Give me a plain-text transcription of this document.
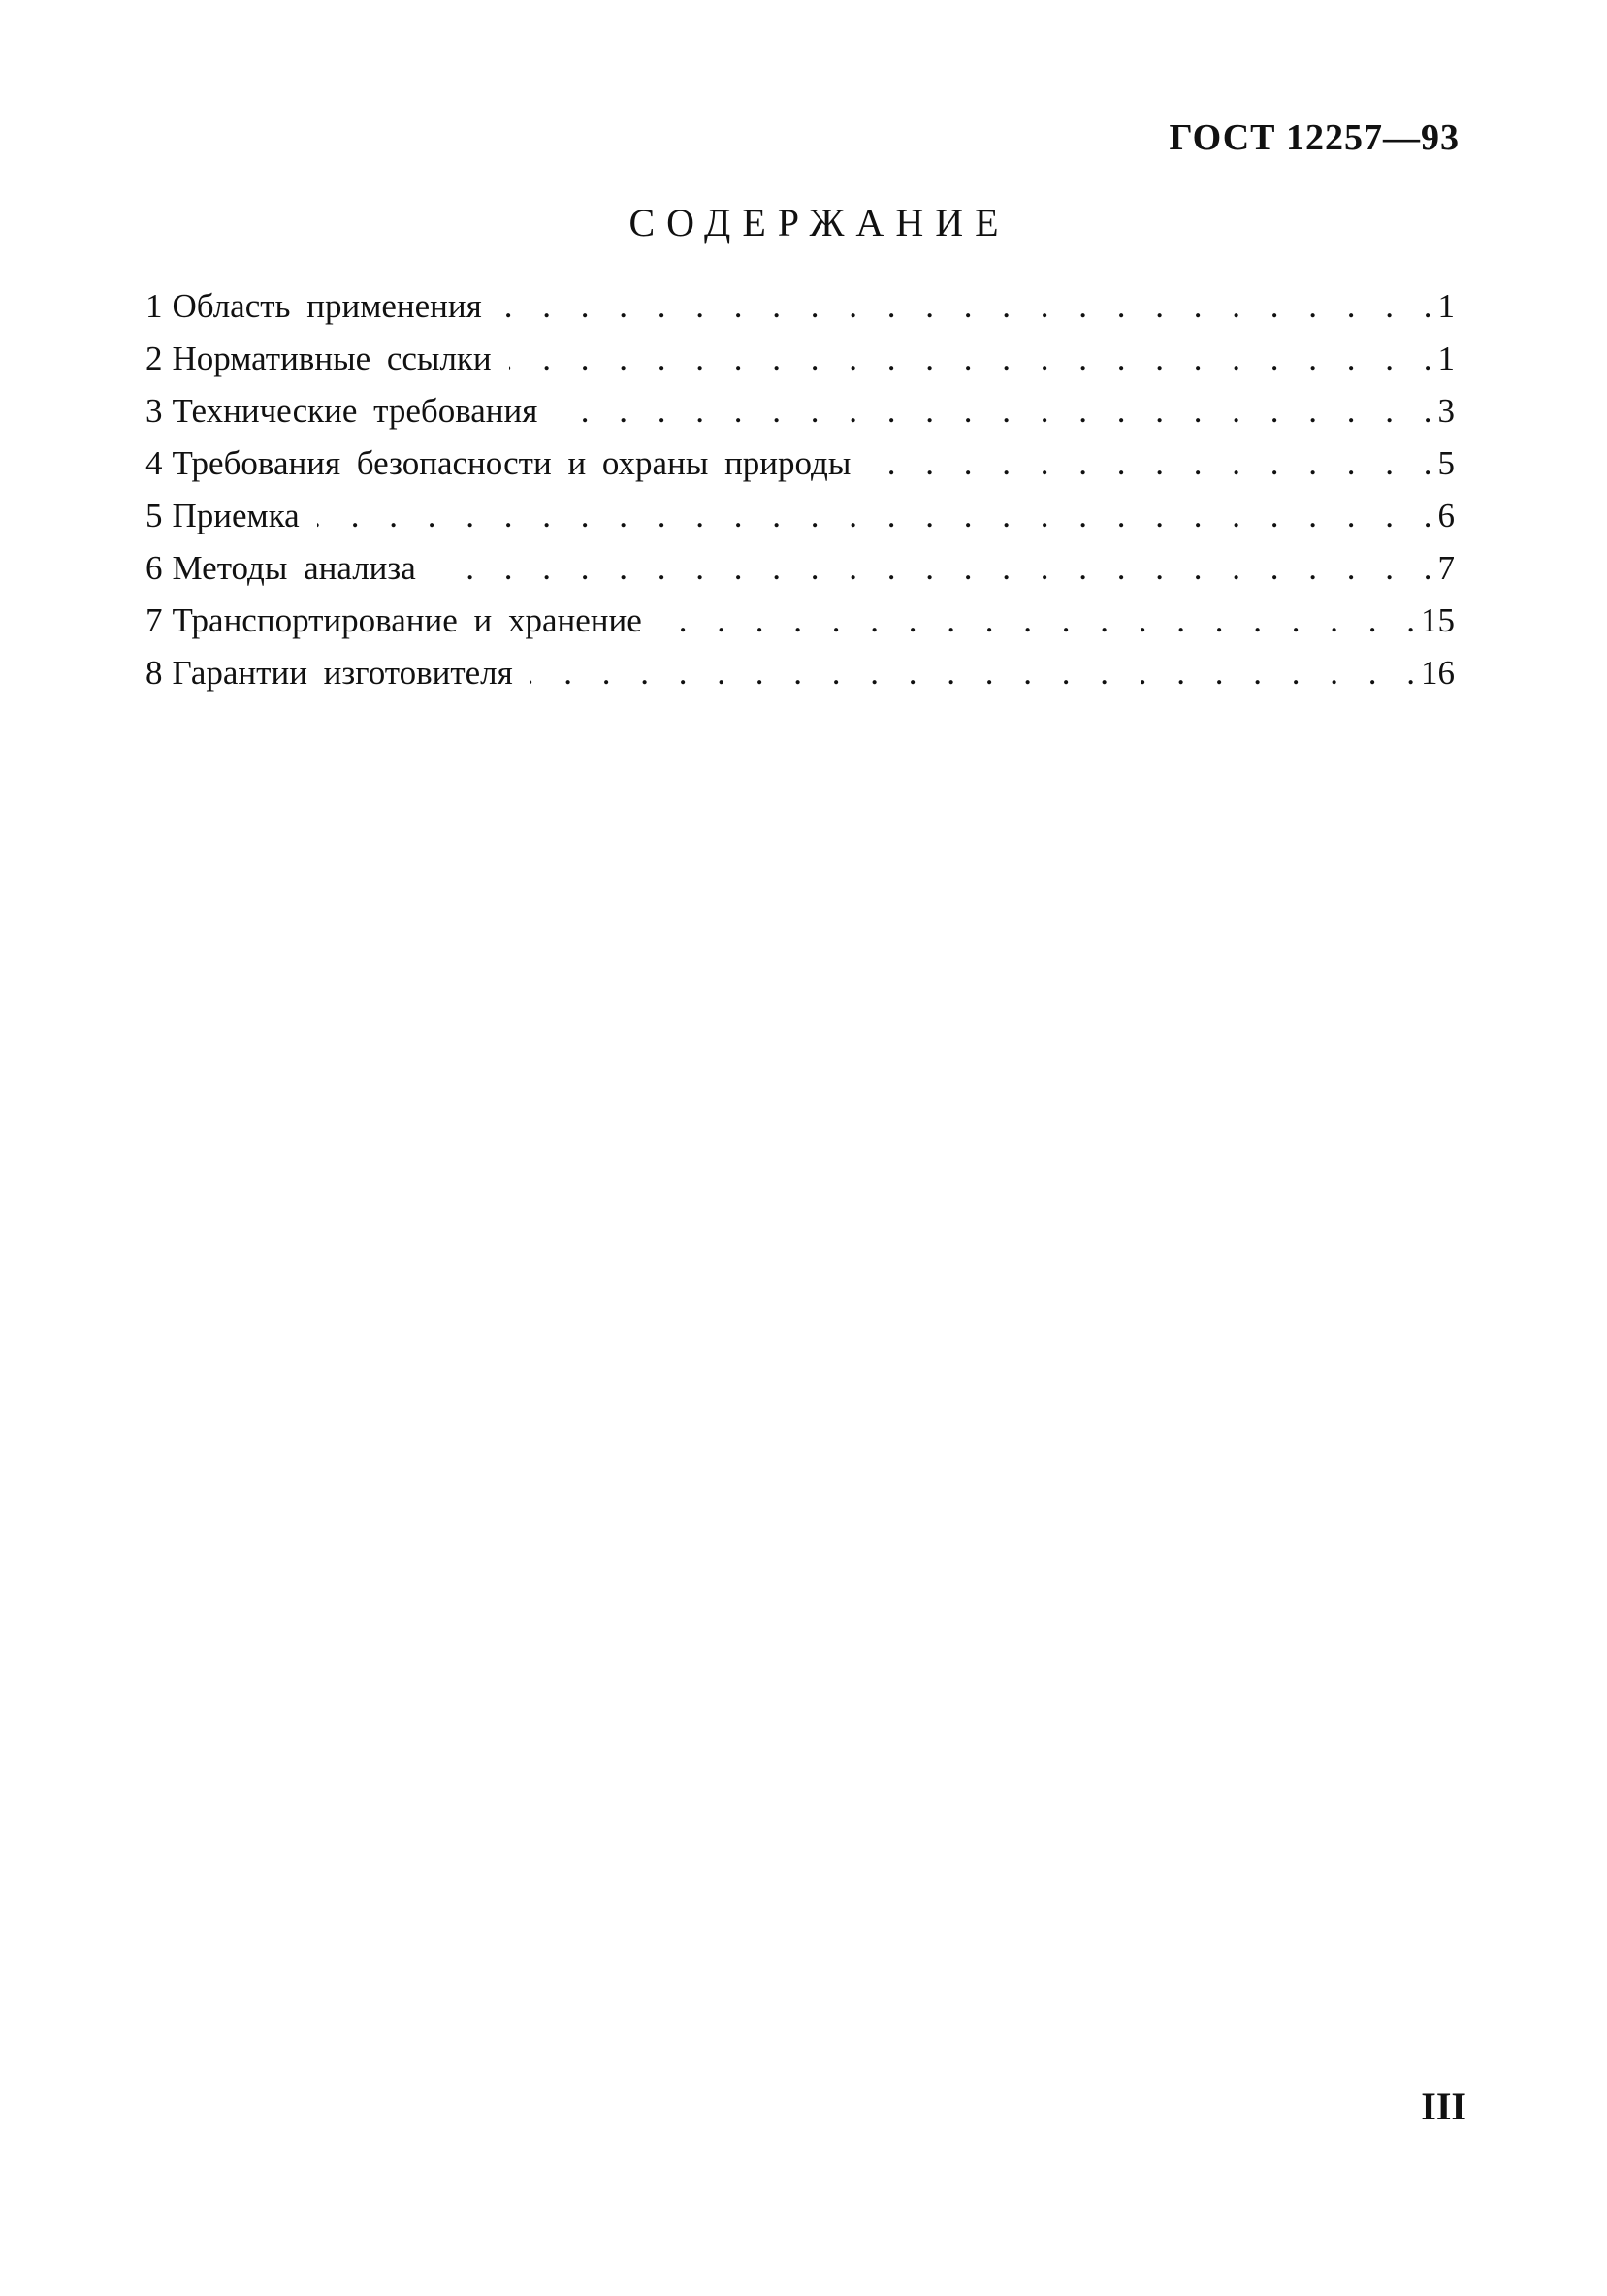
ГОСТ 12257—93
СОДЕРЖАНИЕ
1 Область применения . . .	1
2 Нормативные ссылки . . .	1
3 Технические требования . . .	3
4 Требования безопасности и охраны природы . . .	5
5 Приемка . . .	6
6 Методы анализа . . .	7
7 Транспортирование и хранение . . .	15
8 Гарантии изготовителя . . .	16
III
